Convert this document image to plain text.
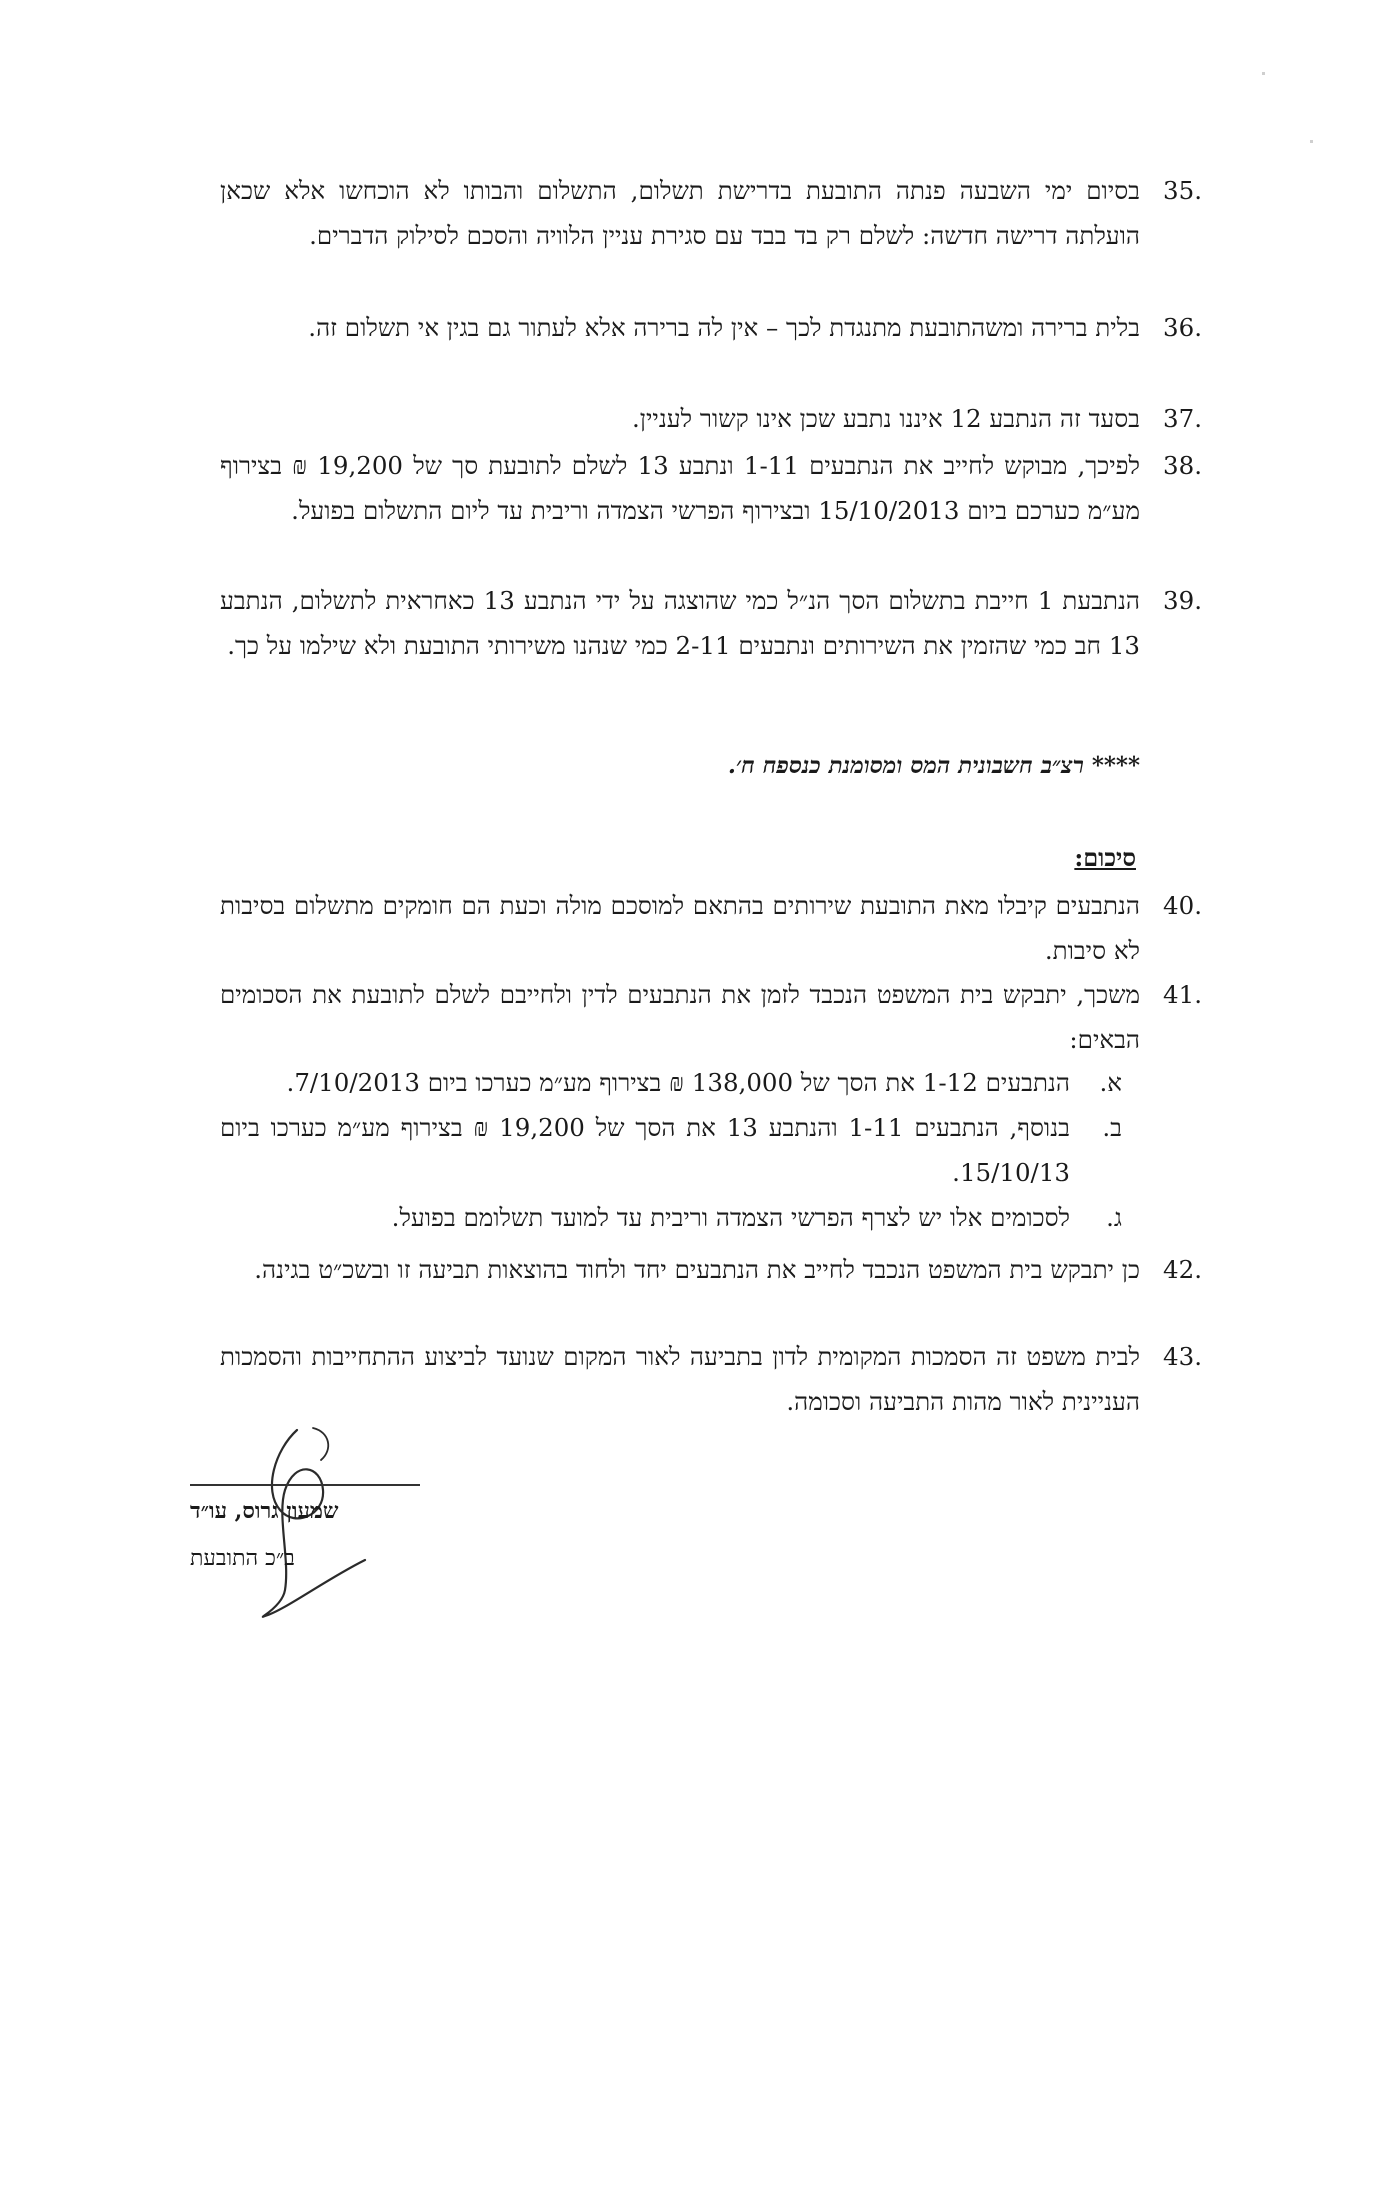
35.
בסיום ימי השבעה פנתה התובעת בדרישת תשלום, התשלום והבותו לא הוכחשו אלא שכאן הועלתה דרישה חדשה: לשלם רק בד בבד עם סגירת עניין הלוויה והסכם לסילוק הדברים.
36.
בלית ברירה ומשהתובעת מתנגדת לכך – אין לה ברירה אלא לעתור גם בגין אי תשלום זה.
37.
בסעד זה הנתבע 12 איננו נתבע שכן אינו קשור לעניין.
38.
לפיכך, מבוקש לחייב את הנתבעים 1-11 ונתבע 13 לשלם לתובעת סך של 19,200 ₪ בצירוף מע״מ כערכם ביום 15/10/2013 ובצירוף הפרשי הצמדה וריבית עד ליום התשלום בפועל.
39.
הנתבעת 1 חייבת בתשלום הסך הנ״ל כמי שהוצגה על ידי הנתבע 13 כאחראית לתשלום, הנתבע 13 חב כמי שהזמין את השירותים ונתבעים 2-11 כמי שנהנו משירותי התובעת ולא שילמו על כך.
**** רצ״ב חשבונית המס ומסומנת כנספח ח׳.
סיכום:
40.
הנתבעים קיבלו מאת התובעת שירותים בהתאם למוסכם מולה וכעת הם חומקים מתשלום בסיבות לא סיבות.
41.
משכך, יתבקש בית המשפט הנכבד לזמן את הנתבעים לדין ולחייבם לשלם לתובעת את הסכומים הבאים:
א.
הנתבעים 1-12 את הסך של 138,000 ₪ בצירוף מע״מ כערכו ביום 7/10/2013.
ב.
בנוסף, הנתבעים 1-11 והנתבע 13 את הסך של 19,200 ₪ בצירוף מע״מ כערכו ביום 15/10/13.
ג.
לסכומים אלו יש לצרף הפרשי הצמדה וריבית עד למועד תשלומם בפועל.
42.
כן יתבקש בית המשפט הנכבד לחייב את הנתבעים יחד ולחוד בהוצאות תביעה זו ובשכ״ט בגינה.
43.
לבית משפט זה הסמכות המקומית לדון בתביעה לאור המקום שנועד לביצוע ההתחייבות והסמכות העניינית לאור מהות התביעה וסכומה.
שמעון גרוס, עו״ד
ב״כ התובעת
